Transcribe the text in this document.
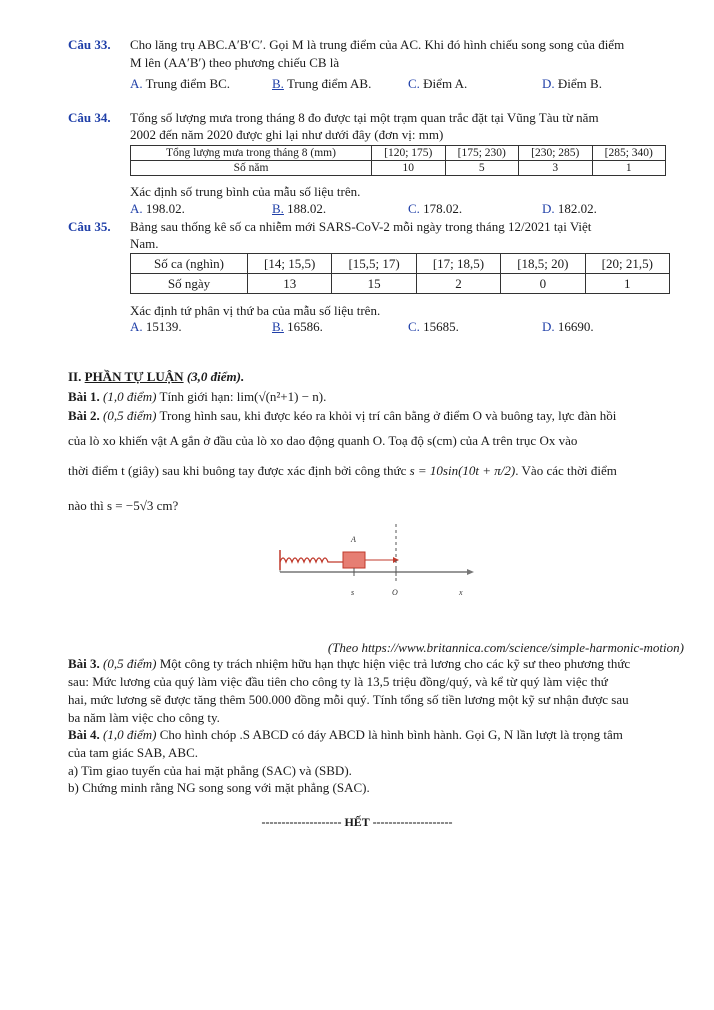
Câu 33. Cho lăng trụ ABC.A′B′C′. Gọi M là trung điểm của AC. Khi đó hình chiếu song song của điểm
M lên (AA′B′) theo phương chiếu CB là
A. Trung điểm BC.	B. Trung điểm AB.	C. Điểm A.	D. Điểm B.
Câu 34. Tổng số lượng mưa trong tháng 8 đo được tại một trạm quan trắc đặt tại Vũng Tàu từ năm
2002 đến năm 2020 được ghi lại như dưới đây (đơn vị: mm)
Tổng lượng mưa trong tháng 8 (mm)	[120; 175)	[175; 230)	[230; 285)	[285; 340)
Số năm	10	5	3	1
Xác định số trung bình của mẫu số liệu trên.
A. 198.02.	B. 188.02.	C. 178.02.	D. 182.02.
Câu 35. Bảng sau thống kê số ca nhiễm mới SARS-CoV-2 mỗi ngày trong tháng 12/2021 tại Việt
Nam.
Số ca (nghìn)	[14; 15,5)	[15,5; 17)	[17; 18,5)	[18,5; 20)	[20; 21,5)
Số ngày	13	15	2	0	1
Xác định tứ phân vị thứ ba của mẫu số liệu trên.
A. 15139.	B. 16586.	C. 15685.	D. 16690.
II. PHẦN TỰ LUẬN (3,0 điểm).
Bài 1. (1,0 điểm) Tính giới hạn: lim(√(n²+1) − n).
Bài 2. (0,5 điểm) Trong hình sau, khi được kéo ra khỏi vị trí cân bằng ở điểm O và buông tay, lực đàn hồi
của lò xo khiến vật A gắn ở đầu của lò xo dao động quanh O. Toạ độ s(cm) của A trên trục Ox vào
thời điểm t (giây) sau khi buông tay được xác định bởi công thức s = 10sin(10t + π/2). Vào các thời điểm
nào thì s = −5√3 cm?
A
s	O	x
(Theo https://www.britannica.com/science/simple-harmonic-motion)
Bài 3. (0,5 điểm) Một công ty trách nhiệm hữu hạn thực hiện việc trả lương cho các kỹ sư theo phương thức
sau: Mức lương của quý làm việc đầu tiên cho công ty là 13,5 triệu đồng/quý, và kể từ quý làm việc thứ
hai, mức lương sẽ được tăng thêm 500.000 đồng mỗi quý. Tính tổng số tiền lương một kỹ sư nhận được sau
ba năm làm việc cho công ty.
Bài 4. (1,0 điểm) Cho hình chóp .S ABCD có đáy ABCD là hình bình hành. Gọi G, N lần lượt là trọng tâm
của tam giác SAB, ABC.
a) Tìm giao tuyến của hai mặt phẳng (SAC) và (SBD).
b) Chứng minh rằng NG song song với mặt phẳng (SAC).
-------------------- HẾT --------------------
